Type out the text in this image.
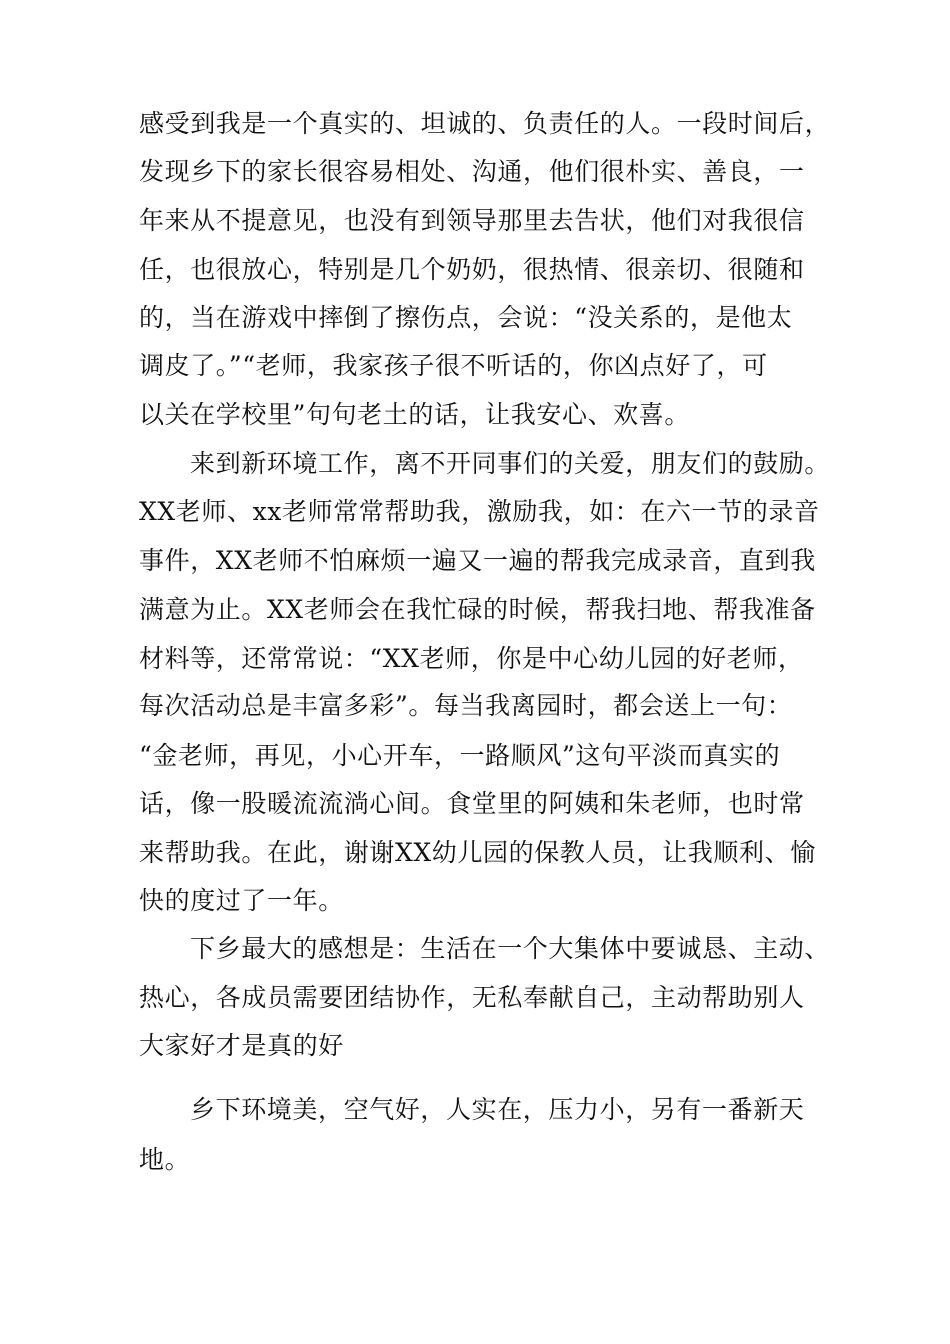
感受到我是一个真实的、坦诚的、负责任的人。一段时间后，
发现乡下的家长很容易相处、沟通，他们很朴实、善良，一
年来从不提意见，也没有到领导那里去告状，他们对我很信
任，也很放心，特别是几个奶奶，很热情、很亲切、很随和
的，当在游戏中摔倒了擦伤点，会说：“没关系的，是他太
调皮了。”“老师，我家孩子很不听话的，你凶点好了，可
以关在学校里”句句老土的话，让我安心、欢喜。
来到新环境工作，离不开同事们的关爱，朋友们的鼓励。
XX老师、xx老师常常帮助我，激励我，如：在六一节的录音
事件，XX老师不怕麻烦一遍又一遍的帮我完成录音，直到我
满意为止。XX老师会在我忙碌的时候，帮我扫地、帮我准备
材料等，还常常说：“XX老师，你是中心幼儿园的好老师，
每次活动总是丰富多彩”。每当我离园时，都会送上一句：
“金老师，再见，小心开车，一路顺风”这句平淡而真实的
话，像一股暖流流淌心间。食堂里的阿姨和朱老师，也时常
来帮助我。在此，谢谢XX幼儿园的保教人员，让我顺利、愉
快的度过了一年。
下乡最大的感想是：生活在一个大集体中要诚恳、主动、
热心，各成员需要团结协作，无私奉献自己，主动帮助别人
大家好才是真的好
乡下环境美，空气好，人实在，压力小，另有一番新天
地。
